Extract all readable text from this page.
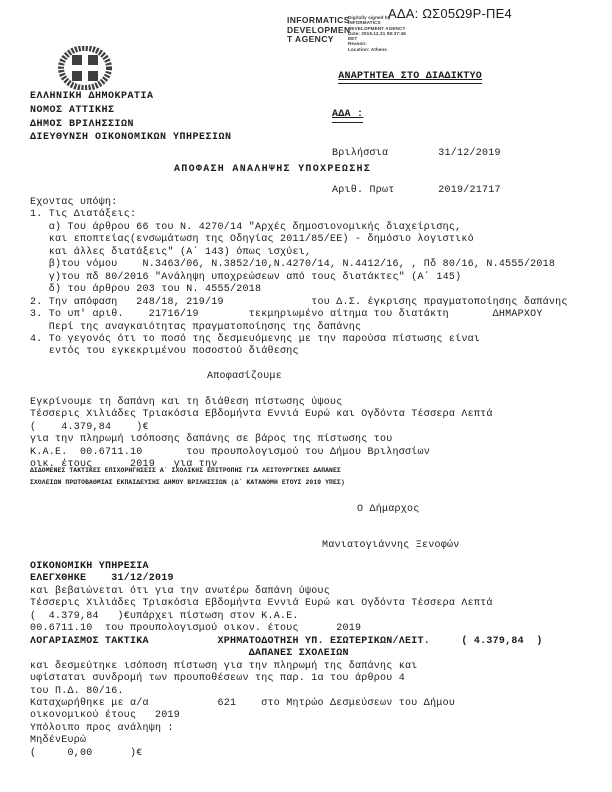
ΑΔΑ: ΩΣ05Ω9Ρ-ΠΕ4
INFORMATICS
DEVELOPMEN
T AGENCY
Digitally signed by
INFORMATICS
DEVELOPMENT AGENCY
Date: 2019.12.31 08:37:46
EET
Reason:
Location: Athens

ΑΝΑΡΤΗΤΕΑ ΣΤΟ ΔΙΑΔΙΚΤΥΟ

ΑΔΑ :

Βριλήσσια        31/12/2019

Αριθ. Πρωτ       2019/21717

ΕΛΛΗΝΙΚΗ ΔΗΜΟΚΡΑΤΙΑ
ΝΟΜΟΣ ΑΤΤΙΚΗΣ
ΔΗΜΟΣ ΒΡΙΛΗΣΣΙΩΝ
ΔΙΕΥΘΥΝΣΗ ΟΙΚΟΝΟΜΙΚΩΝ ΥΠΗΡΕΣΙΩΝ
ΑΠΟΦΑΣΗ ΑΝΑΛΗΨΗΣ ΥΠΟΧΡΕΩΣΗΣ
Εχοντας υπόψη:
1. Τις Διατάξεις:
α) Του άρθρου 66 του Ν. 4270/14 "Αρχές δημοσιονομικής διαχείρισης,
και εποπτείας(ενσωμάτωση της Οδηγίας 2011/85/ΕΕ) - δημόσιο λογιστικό
και άλλες διατάξεις" (Α΄ 143) όπως ισχύει,
β)του νόμου    Ν.3463/06, Ν.3852/10,Ν.4270/14, Ν.4412/16, , Πδ 80/16, Ν.4555/2018
γ)του πδ 80/2016 "Ανάληψη υποχρεώσεων από τους διατάκτες" (Α΄ 145)
δ) του άρθρου 203 του Ν. 4555/2018
2. Την απόφαση   248/18, 219/19              του Δ.Σ. έγκρισης πραγματοποίησης δαπάνης
3. Το υπ' αριθ.    21716/19        τεκμηριωμένο αίτημα του διατάκτη       ΔΗΜΑΡΧΟΥ
Περί της αναγκαιότητας πραγματοποίησης της δαπάνης
4. Το γεγονός ότι το ποσό της δεσμευόμενης με την παρούσα πίστωσης είναι
εντός του εγκεκριμένου ποσοστού διάθεσης
Αποφασίζουμε
Εγκρίνουμε τη δαπάνη και τη διάθεση πίστωσης ύψους
Τέσσερις Χιλιάδες Τριακόσια Εβδομήντα Εννιά Ευρώ και Ογδόντα Τέσσερα Λεπτά
(    4.379,84    )€
για την πληρωμή ισόποσης δαπάνης σε βάρος της πίστωσης του
Κ.Α.Ε.  00.6711.10       του προυπολογισμού του Δήμου Βριλησσίων
οικ. έτους      2019   για την
ΔΙΔΟΜΕΝΕΣ ΤΑΚΤΙΚΕΣ ΕΠΙΧΟΡΗΓΗΣΕΙΣ Α΄ ΣΧΟΛΙΚΗΣ ΕΠΙΤΡΟΠΗΣ ΓΙΑ ΛΕΙΤΟΥΡΓΙΚΕΣ ΔΑΠΑΝΕΣ
ΣΧΟΛΕΙΩΝ ΠΡΩΤΟΒΑΘΜΙΑΣ ΕΚΠΑΙΔΕΥΣΗΣ ΔΗΜΟΥ ΒΡΙΛΗΣΣΙΩΝ (Δ΄ ΚΑΤΑΝΟΜΗ ΕΤΟΥΣ 2019 ΥΠΕΣ)
Ο Δήμαρχος
Μανιατογιάννης Ξενοφών
ΟΙΚΟΝΟΜΙΚΗ ΥΠΗΡΕΣΙΑ
ΕΛΕΓΧΘΗΚΕ    31/12/2019
και βεβαιώνεται ότι για την ανωτέρω δαπάνη ύψους
Τέσσερις Χιλιάδες Τριακόσια Εβδομήντα Εννιά Ευρώ και Ογδόντα Τέσσερα Λεπτά
(  4.379,84   )€υπάρχει πίστωση στον Κ.Α.Ε.
00.6711.10  του προυπολογισμού οικον. έτους      2019
ΛΟΓΑΡΙΑΣΜΟΣ ΤΑΚΤΙΚΑ           ΧΡΗΜΑΤΟΔΟΤΗΣΗ ΥΠ. ΕΣΩΤΕΡΙΚΩΝ/ΛΕΙΤ.     ( 4.379,84  )
ΔΑΠΑΝΕΣ ΣΧΟΛΕΙΩΝ
και δεσμεύτηκε ισόποση πίστωση για την πληρωμή της δαπάνης και
υφίσταται συνδρομή των προυποθέσεων της παρ. 1α του άρθρου 4
του Π.Δ. 80/16.
Καταχωρήθηκε με α/α           621    στο Μητρώο Δεσμεύσεων του Δήμου
οικονομικού έτους   2019
Υπόλοιπο προς ανάληψη :
ΜηδένΕυρώ
(     0,00      )€
